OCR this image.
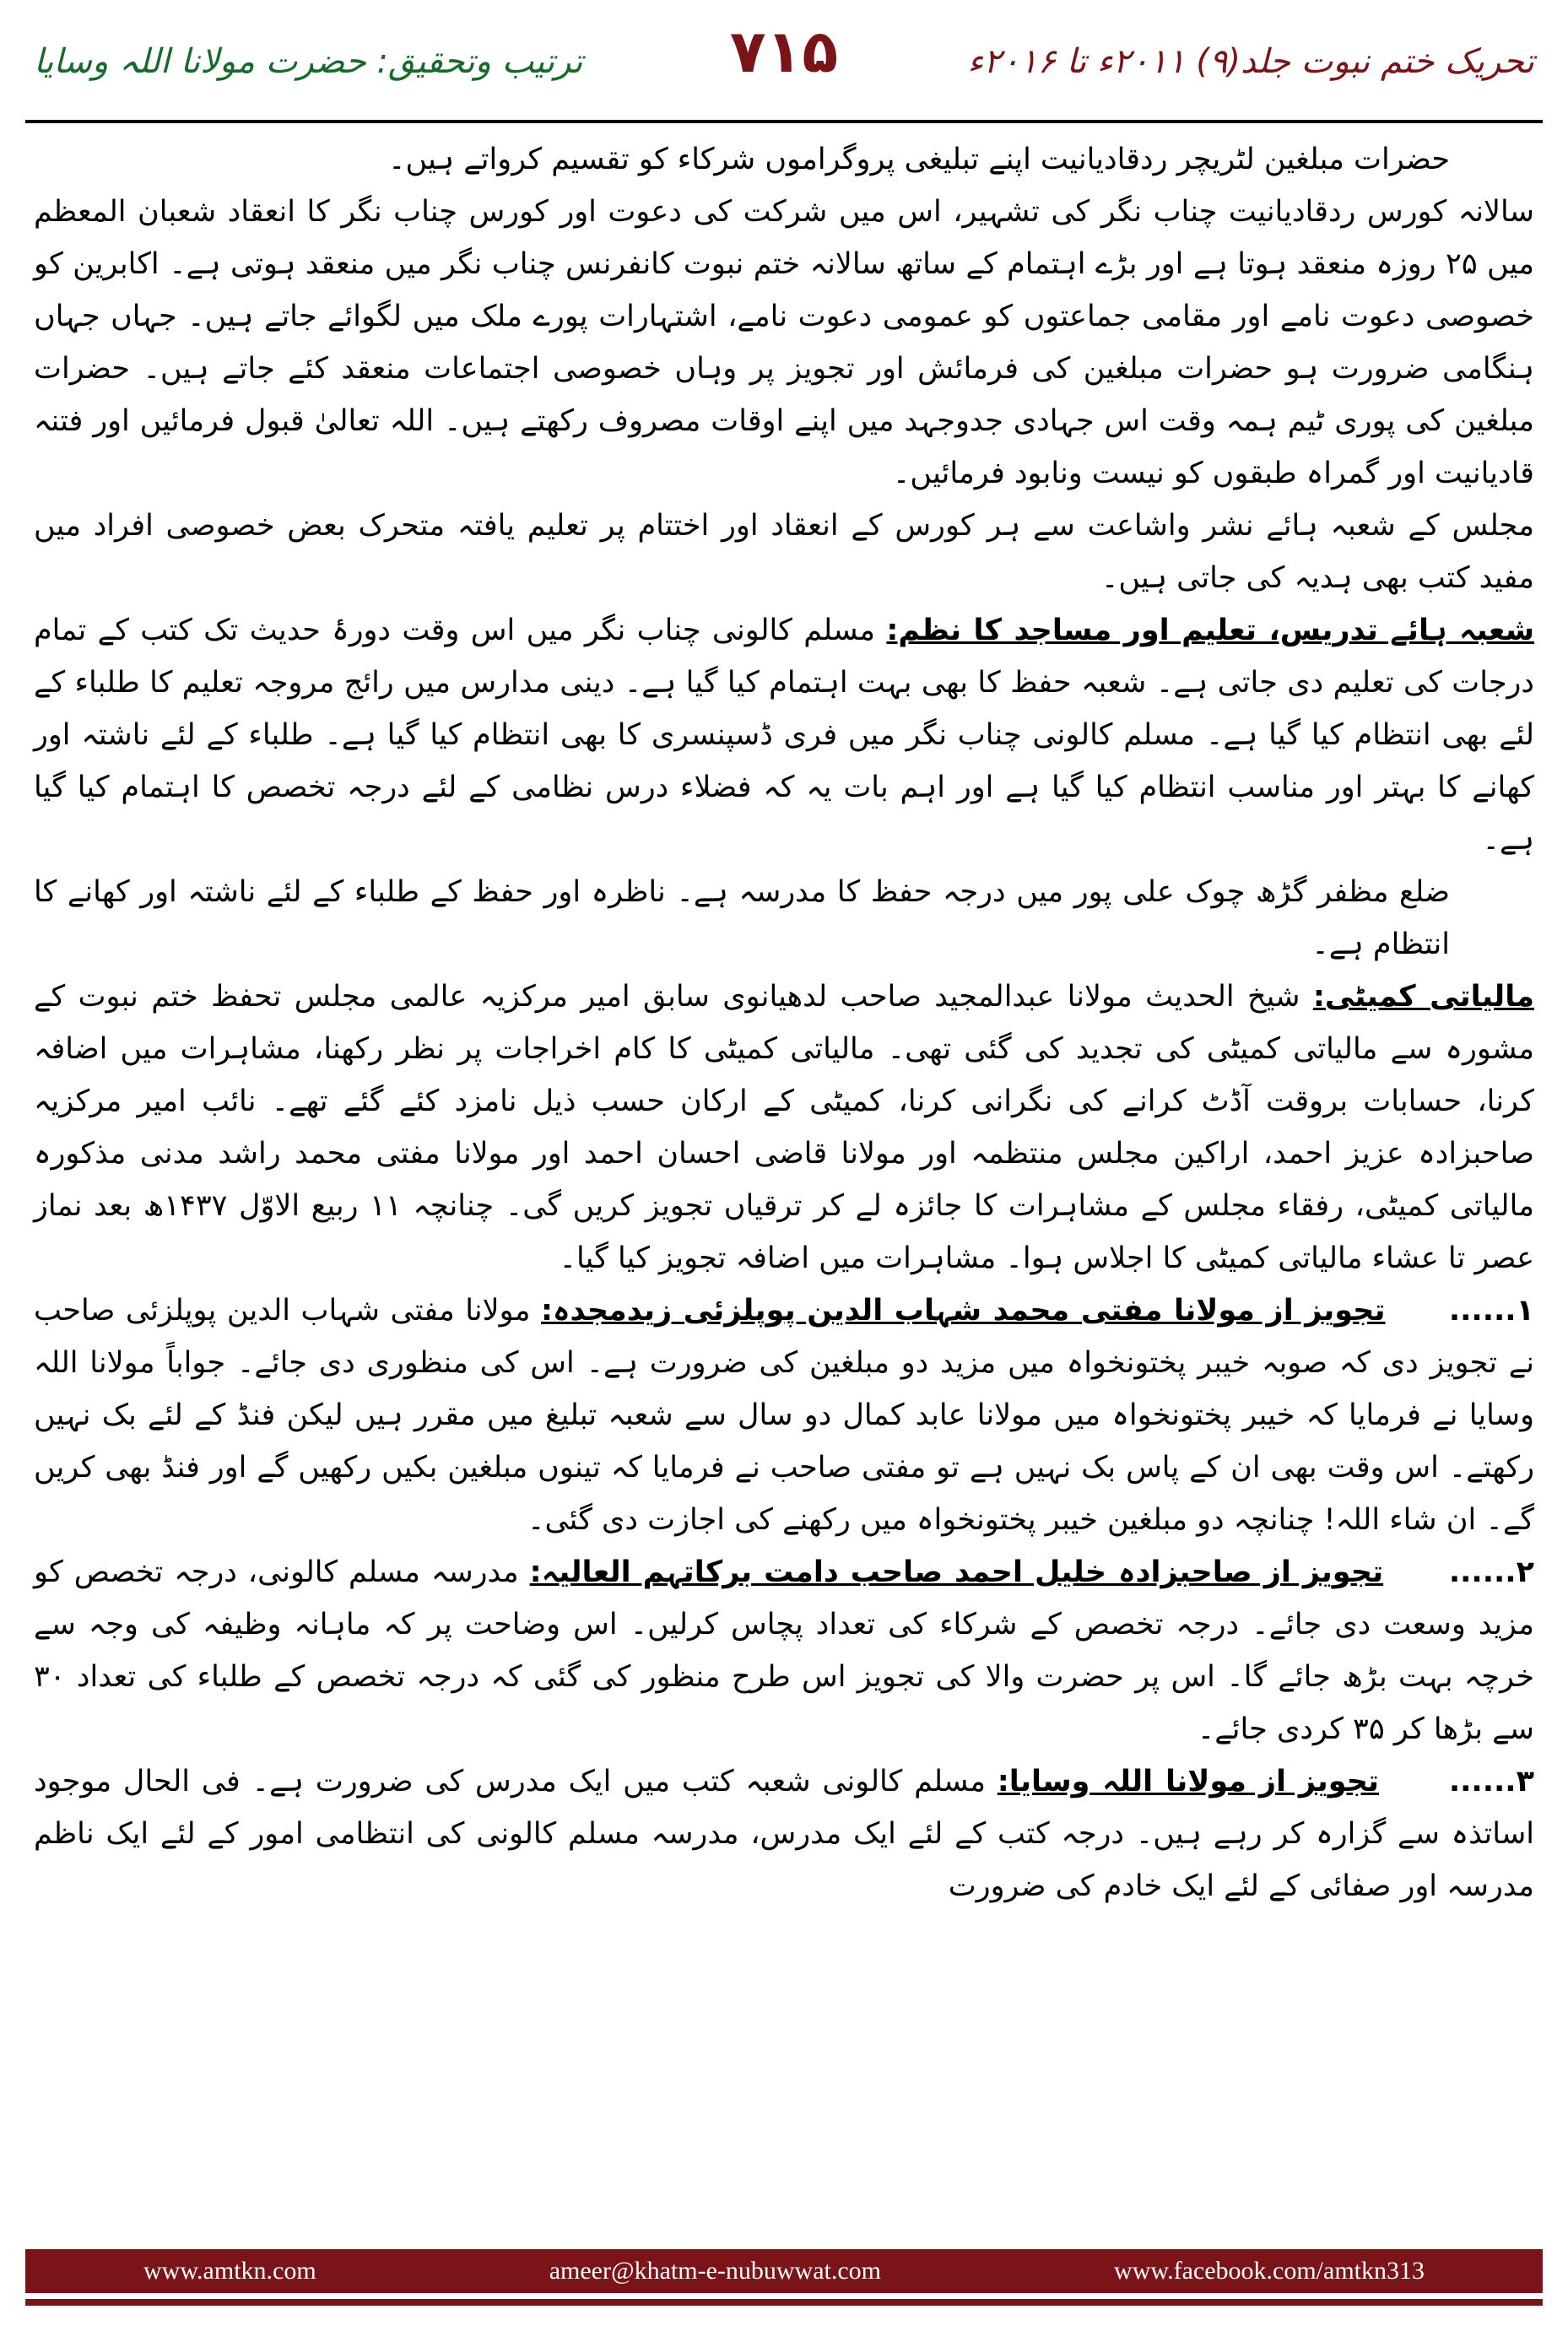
تحریک ختم نبوت جلد(۹) ۲۰۱۱ء تا ۲۰۱۶ء
۷۱۵
ترتیب وتحقیق: حضرت مولانا اللہ وسایا

حضرات مبلغین لٹریچر ردقادیانیت اپنے تبلیغی پروگراموں شرکاء کو تقسیم کرواتے ہیں۔

سالانہ کورس ردقادیانیت چناب نگر کی تشہیر، اس میں شرکت کی دعوت اور کورس چناب نگر کا انعقاد شعبان المعظم میں ۲۵ روزہ منعقد ہوتا ہے اور بڑے اہتمام کے ساتھ سالانہ ختم نبوت کانفرنس چناب نگر میں منعقد ہوتی ہے۔ اکابرین کو خصوصی دعوت نامے اور مقامی جماعتوں کو عمومی دعوت نامے، اشتہارات پورے ملک میں لگوائے جاتے ہیں۔ جہاں جہاں ہنگامی ضرورت ہو حضرات مبلغین کی فرمائش اور تجویز پر وہاں خصوصی اجتماعات منعقد کئے جاتے ہیں۔ حضرات مبلغین کی پوری ٹیم ہمہ وقت اس جہادی جدوجہد میں اپنے اوقات مصروف رکھتے ہیں۔ اللہ تعالیٰ قبول فرمائیں اور فتنہ قادیانیت اور گمراہ طبقوں کو نیست ونابود فرمائیں۔

مجلس کے شعبہ ہائے نشر واشاعت سے ہر کورس کے انعقاد اور اختتام پر تعلیم یافتہ متحرک بعض خصوصی افراد میں مفید کتب بھی ہدیہ کی جاتی ہیں۔

شعبہ ہائے تدریس، تعلیم اور مساجد کا نظم: مسلم کالونی چناب نگر میں اس وقت دورۂ حدیث تک کتب کے تمام درجات کی تعلیم دی جاتی ہے۔ شعبہ حفظ کا بھی بہت اہتمام کیا گیا ہے۔ دینی مدارس میں رائج مروجہ تعلیم کا طلباء کے لئے بھی انتظام کیا گیا ہے۔ مسلم کالونی چناب نگر میں فری ڈسپنسری کا بھی انتظام کیا گیا ہے۔ طلباء کے لئے ناشتہ اور کھانے کا بہتر اور مناسب انتظام کیا گیا ہے اور اہم بات یہ کہ فضلاء درس نظامی کے لئے درجہ تخصص کا اہتمام کیا گیا ہے۔

ضلع مظفر گڑھ چوک علی پور میں درجہ حفظ کا مدرسہ ہے۔ ناظرہ اور حفظ کے طلباء کے لئے ناشتہ اور کھانے کا انتظام ہے۔

مالیاتی کمیٹی: شیخ الحدیث مولانا عبدالمجید صاحب لدھیانوی سابق امیر مرکزیہ عالمی مجلس تحفظ ختم نبوت کے مشورہ سے مالیاتی کمیٹی کی تجدید کی گئی تھی۔ مالیاتی کمیٹی کا کام اخراجات پر نظر رکھنا، مشاہرات میں اضافہ کرنا، حسابات بروقت آڈٹ کرانے کی نگرانی کرنا، کمیٹی کے ارکان حسب ذیل نامزد کئے گئے تھے۔ نائب امیر مرکزیہ صاحبزادہ عزیز احمد، اراکین مجلس منتظمہ اور مولانا قاضی احسان احمد اور مولانا مفتی محمد راشد مدنی مذکورہ مالیاتی کمیٹی، رفقاء مجلس کے مشاہرات کا جائزہ لے کر ترقیاں تجویز کریں گی۔ چنانچہ ۱۱ ربیع الاوّل ۱۴۳۷ھ بعد نماز عصر تا عشاء مالیاتی کمیٹی کا اجلاس ہوا۔ مشاہرات میں اضافہ تجویز کیا گیا۔

۱......      تجویز از مولانا مفتی محمد شہاب الدین پوپلزئی زیدمجدہ: مولانا مفتی شہاب الدین پوپلزئی صاحب نے تجویز دی کہ صوبہ خیبر پختونخواہ میں مزید دو مبلغین کی ضرورت ہے۔ اس کی منظوری دی جائے۔ جواباً مولانا اللہ وسایا نے فرمایا کہ خیبر پختونخواہ میں مولانا عابد کمال دو سال سے شعبہ تبلیغ میں مقرر ہیں لیکن فنڈ کے لئے بک نہیں رکھتے۔ اس وقت بھی ان کے پاس بک نہیں ہے تو مفتی صاحب نے فرمایا کہ تینوں مبلغین بکیں رکھیں گے اور فنڈ بھی کریں گے۔ ان شاء اللہ! چنانچہ دو مبلغین خیبر پختونخواہ میں رکھنے کی اجازت دی گئی۔

۲......      تجویز از صاحبزادہ خلیل احمد صاحب دامت برکاتہم العالیہ: مدرسہ مسلم کالونی، درجہ تخصص کو مزید وسعت دی جائے۔ درجہ تخصص کے شرکاء کی تعداد پچاس کرلیں۔ اس وضاحت پر کہ ماہانہ وظیفہ کی وجہ سے خرچہ بہت بڑھ جائے گا۔ اس پر حضرت والا کی تجویز اس طرح منظور کی گئی کہ درجہ تخصص کے طلباء کی تعداد ۳۰ سے بڑھا کر ۳۵ کردی جائے۔

۳......      تجویز از مولانا اللہ وسایا: مسلم کالونی شعبہ کتب میں ایک مدرس کی ضرورت ہے۔ فی الحال موجود اساتذہ سے گزارہ کر رہے ہیں۔ درجہ کتب کے لئے ایک مدرس، مدرسہ مسلم کالونی کی انتظامی امور کے لئے ایک ناظم مدرسہ اور صفائی کے لئے ایک خادم کی ضرورت

www.amtkn.com	ameer@khatm-e-nubuwwat.com	www.facebook.com/amtkn313
